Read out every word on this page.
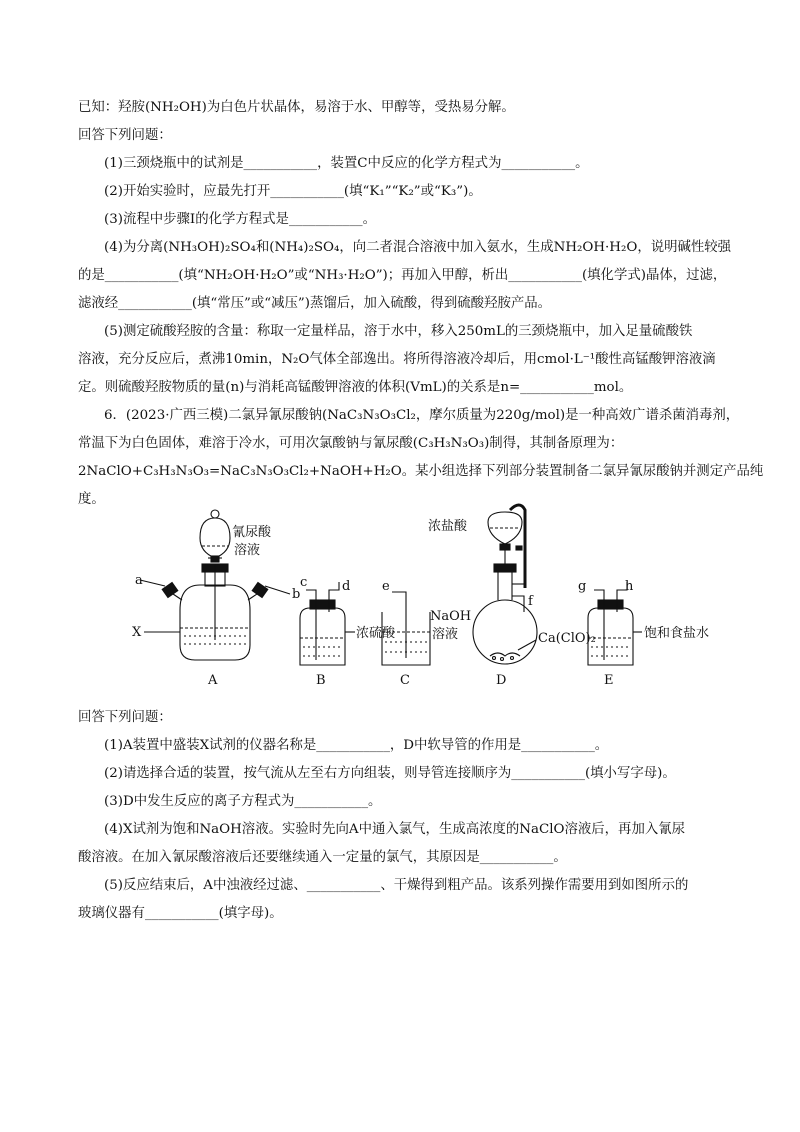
已知：羟胺(NH₂OH)为白色片状晶体，易溶于水、甲醇等，受热易分解。
回答下列问题：
(1)三颈烧瓶中的试剂是___________，装置C中反应的化学方程式为___________。
(2)开始实验时，应最先打开___________(填“K₁”“K₂”或“K₃”)。
(3)流程中步骤Ⅰ的化学方程式是___________。
(4)为分离(NH₃OH)₂SO₄和(NH₄)₂SO₄，向二者混合溶液中加入氨水，生成NH₂OH·H₂O，说明碱性较强
的是___________(填“NH₂OH·H₂O”或“NH₃·H₂O”)；再加入甲醇，析出___________(填化学式)晶体，过滤，
滤液经___________(填“常压”或“减压”)蒸馏后，加入硫酸，得到硫酸羟胺产品。
(5)测定硫酸羟胺的含量：称取一定量样品，溶于水中，移入250mL的三颈烧瓶中，加入足量硫酸铁
溶液，充分反应后，煮沸10min，N₂O气体全部逸出。将所得溶液冷却后，用cmol·L⁻¹酸性高锰酸钾溶液滴
定。则硫酸羟胺物质的量(n)与消耗高锰酸钾溶液的体积(VmL)的关系是n=___________mol。
6．(2023·广西三模)二氯异氰尿酸钠(NaC₃N₃O₃Cl₂，摩尔质量为220g/mol)是一种高效广谱杀菌消毒剂，
常温下为白色固体，难溶于冷水，可用次氯酸钠与氰尿酸(C₃H₃N₃O₃)制得，其制备原理为：
2NaClO+C₃H₃N₃O₃=NaC₃N₃O₃Cl₂+NaOH+H₂O。某小组选择下列部分装置制备二氯异氰尿酸钠并测定产品纯
度。
a
b
c	d e
f
g	h
X
氰尿酸
溶液
浓硫酸
NaOH
溶液
浓盐酸
Ca(ClO)₂	饱和食盐水
A	B	C	D	E
回答下列问题：
(1)A装置中盛装X试剂的仪器名称是___________，D中软导管的作用是___________。
(2)请选择合适的装置，按气流从左至右方向组装，则导管连接顺序为___________(填小写字母)。
(3)D中发生反应的离子方程式为___________。
(4)X试剂为饱和NaOH溶液。实验时先向A中通入氯气，生成高浓度的NaClO溶液后，再加入氰尿
酸溶液。在加入氰尿酸溶液后还要继续通入一定量的氯气，其原因是___________。
(5)反应结束后，A中浊液经过滤、___________、干燥得到粗产品。该系列操作需要用到如图所示的
玻璃仪器有___________(填字母)。
